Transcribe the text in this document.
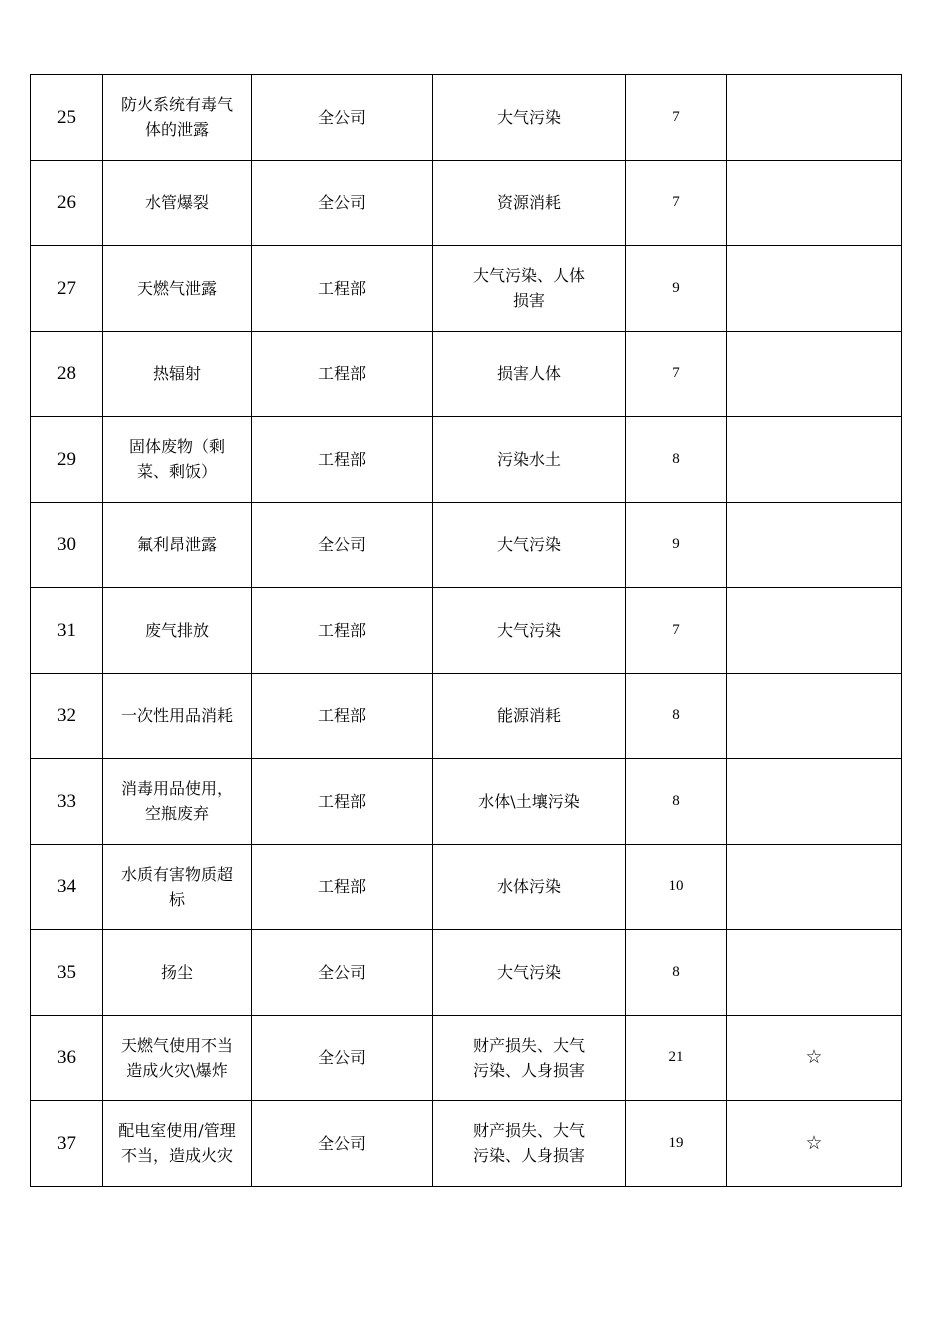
25	防火系统有毒气体的泄露	全公司	大气污染	7	
26	水管爆裂	全公司	资源消耗	7	
27	天燃气泄露	工程部	大气污染、人体损害	9	
28	热辐射	工程部	损害人体	7	
29	固体废物（剩菜、剩饭）	工程部	污染水土	8	
30	氟利昂泄露	全公司	大气污染	9	
31	废气排放	工程部	大气污染	7	
32	一次性用品消耗	工程部	能源消耗	8	
33	消毒用品使用，空瓶废弃	工程部	水体\土壤污染	8	
34	水质有害物质超标	工程部	水体污染	10	
35	扬尘	全公司	大气污染	8	
36	天燃气使用不当造成火灾\爆炸	全公司	财产损失、大气污染、人身损害	21	☆
37	配电室使用/管理不当，造成火灾	全公司	财产损失、大气污染、人身损害	19	☆
